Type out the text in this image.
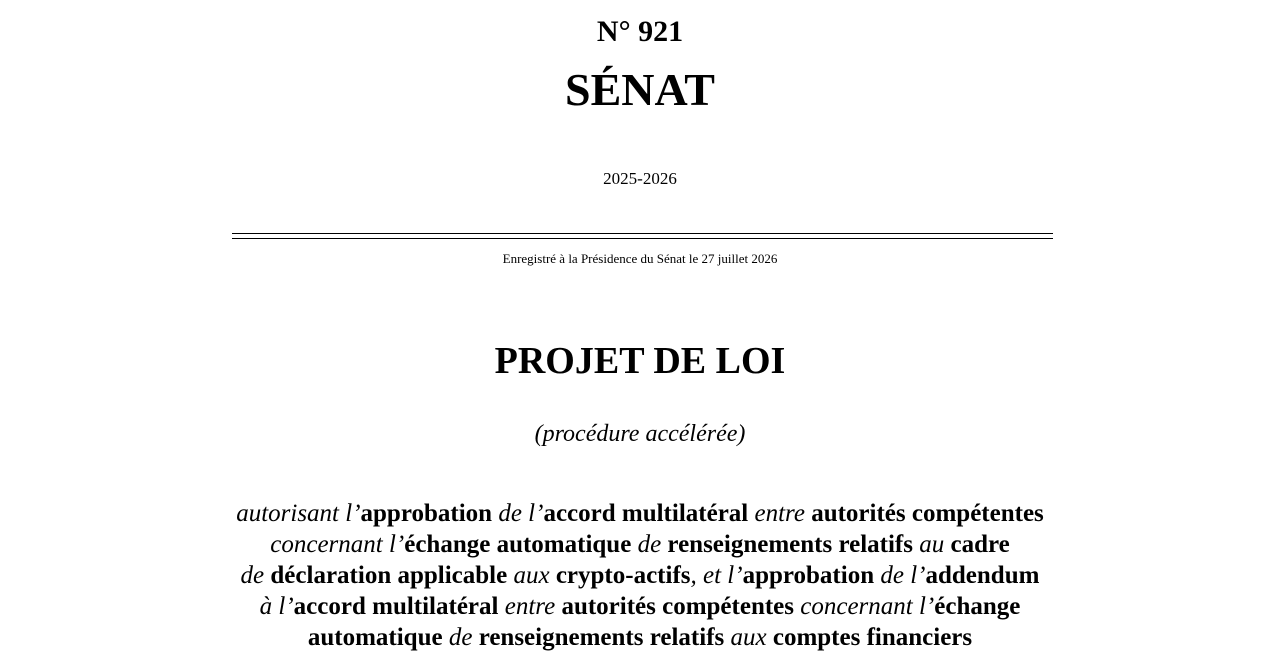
N° 921
SÉNAT
2025-2026
Enregistré à la Présidence du Sénat le 27 juillet 2026
PROJET DE LOI
(procédure accélérée)
autorisant l’approbation de l’accord multilatéral entre autorités compétentes
concernant l’échange automatique de renseignements relatifs au cadre
de déclaration applicable aux crypto-actifs, et l’approbation de l’addendum
à l’accord multilatéral entre autorités compétentes concernant l’échange
automatique de renseignements relatifs aux comptes financiers
